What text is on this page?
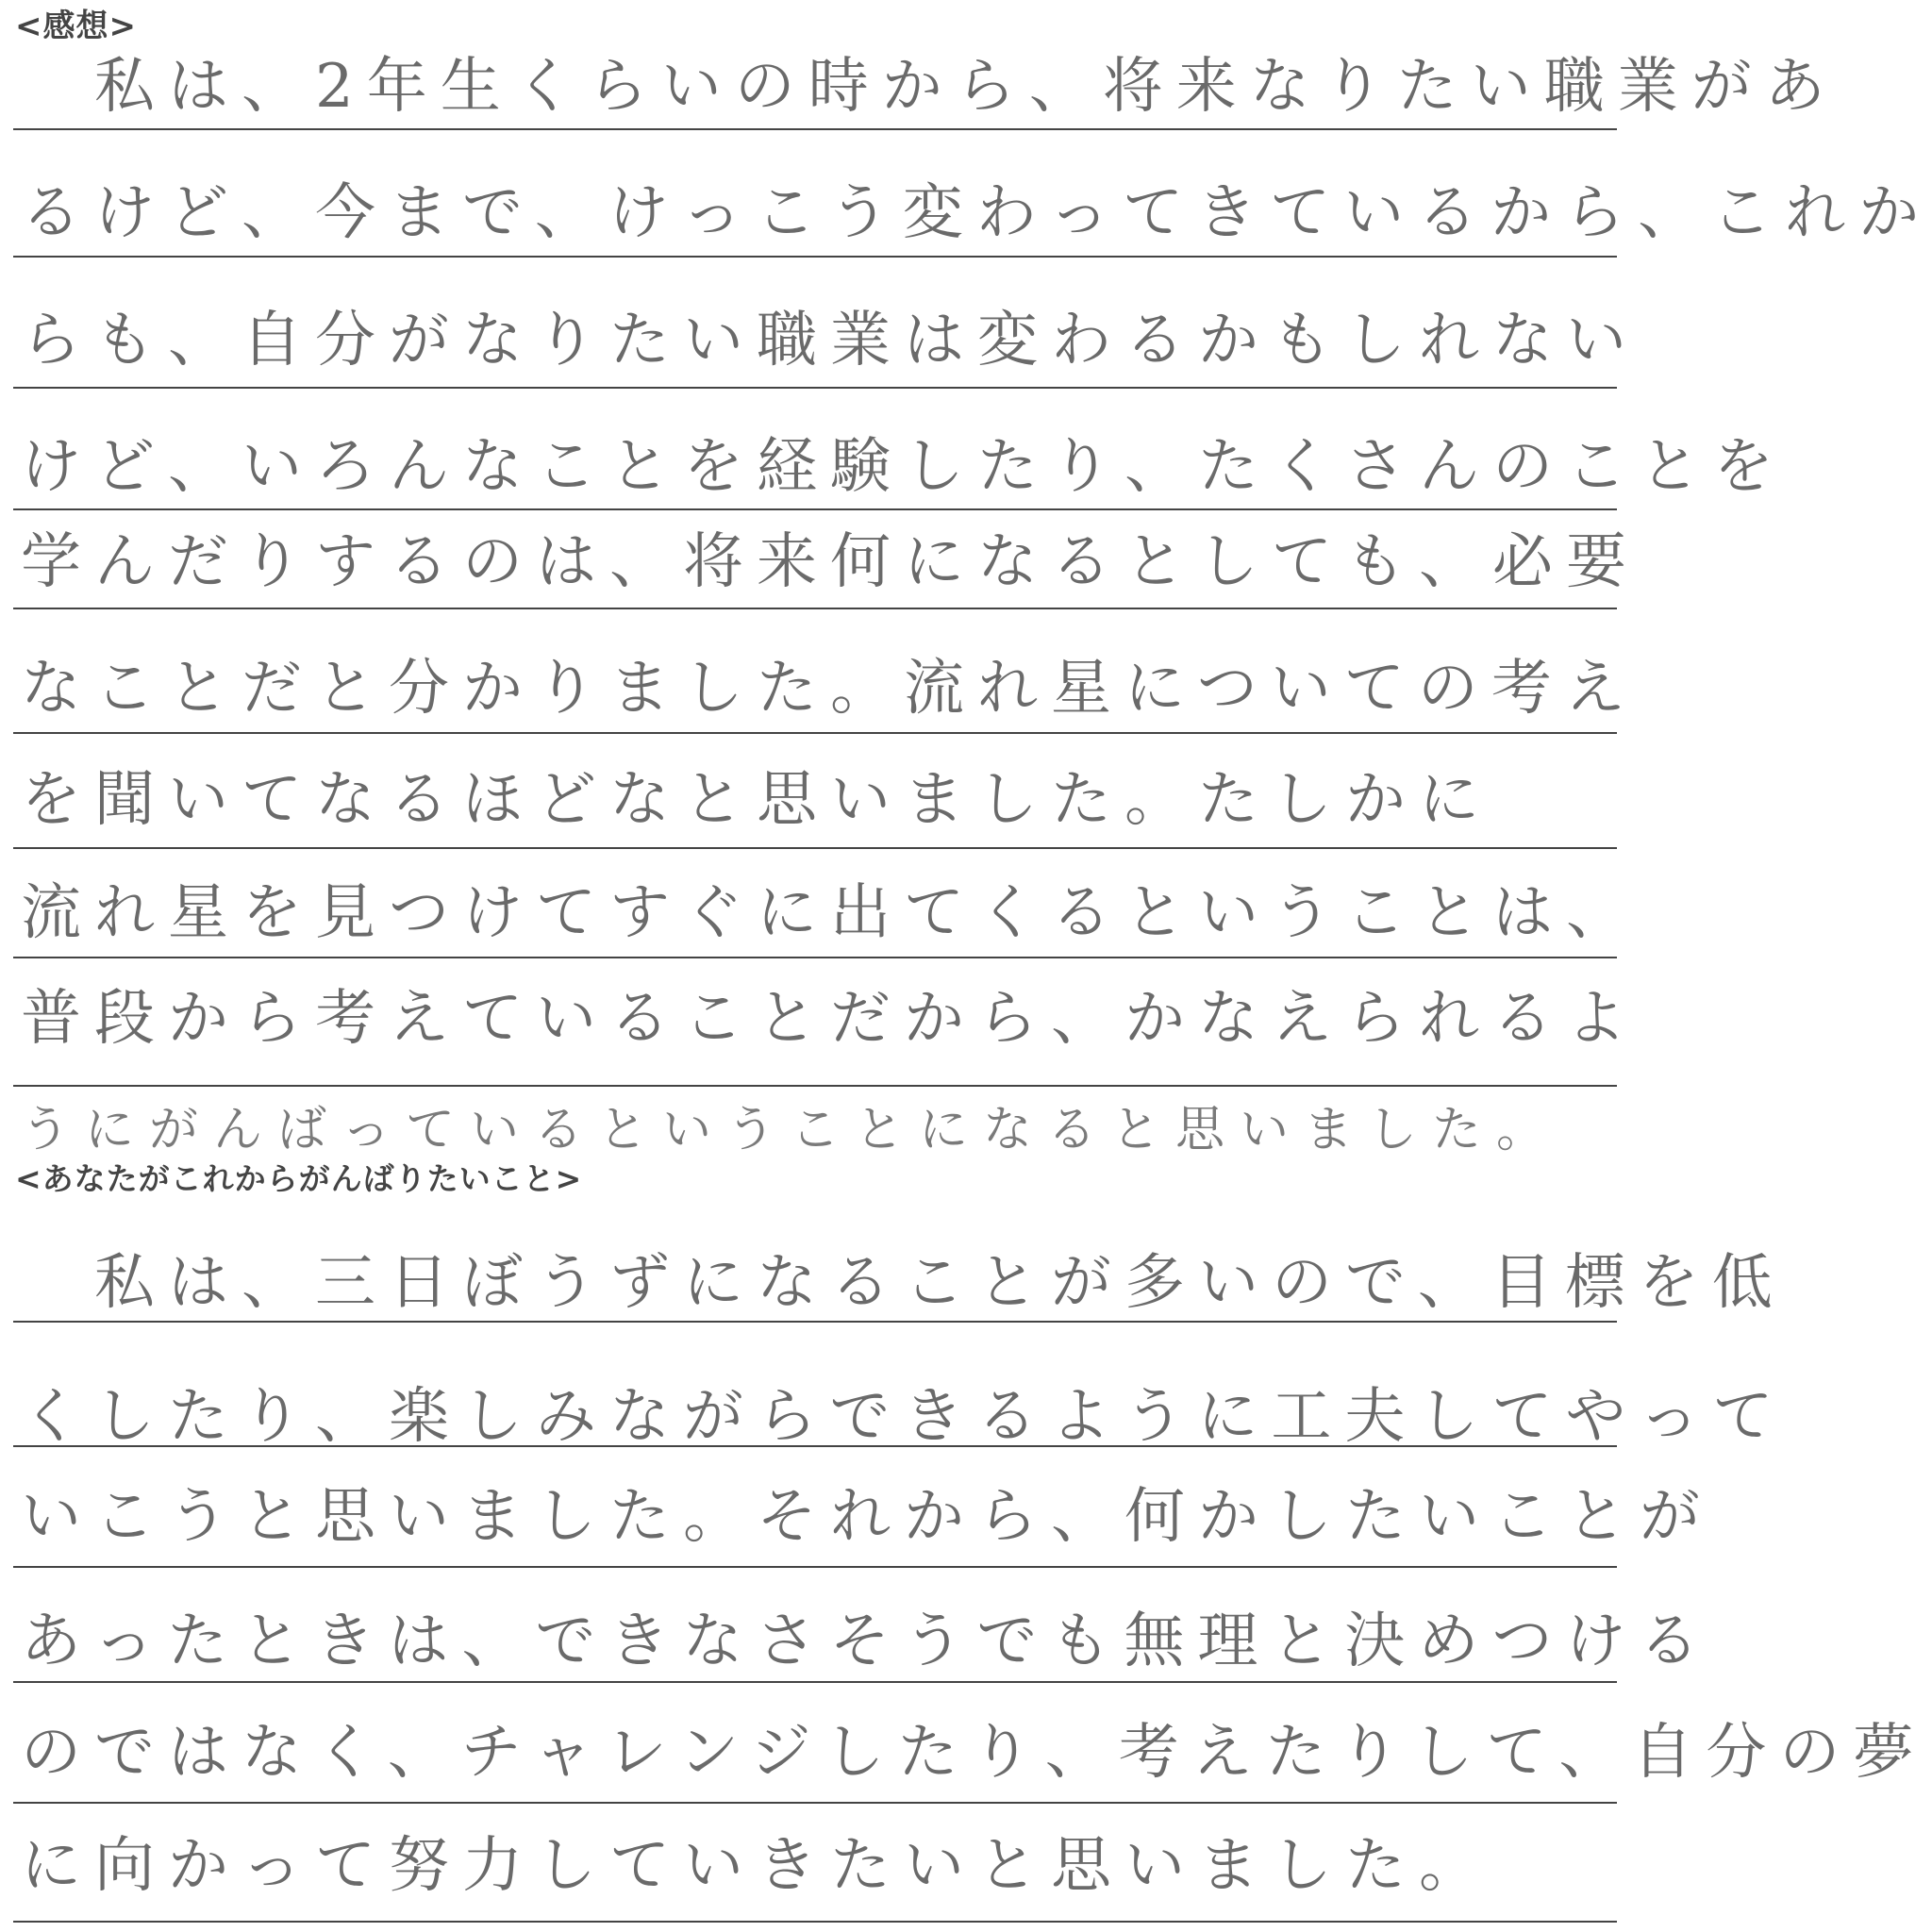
<感想>
　私は、2年生くらいの時から、将来なりたい職業があ
るけど、今まで、けっこう変わってきているから、これか
らも、自分がなりたい職業は変わるかもしれない
けど、いろんなことを経験したり、たくさんのことを
学んだりするのは、将来何になるとしても、必要
なことだと分かりました。流れ星についての考え
を聞いてなるほどなと思いました。たしかに
流れ星を見つけてすぐに出てくるということは、
普段から考えていることだから、かなえられるよ
うにがんばっているということになると思いました。
<あなたがこれからがんばりたいこと>
　私は、三日ぼうずになることが多いので、目標を低
くしたり、楽しみながらできるように工夫してやって
いこうと思いました。それから、何かしたいことが
あったときは、できなさそうでも無理と決めつける
のではなく、チャレンジしたり、考えたりして、自分の夢
に向かって努力していきたいと思いました。
